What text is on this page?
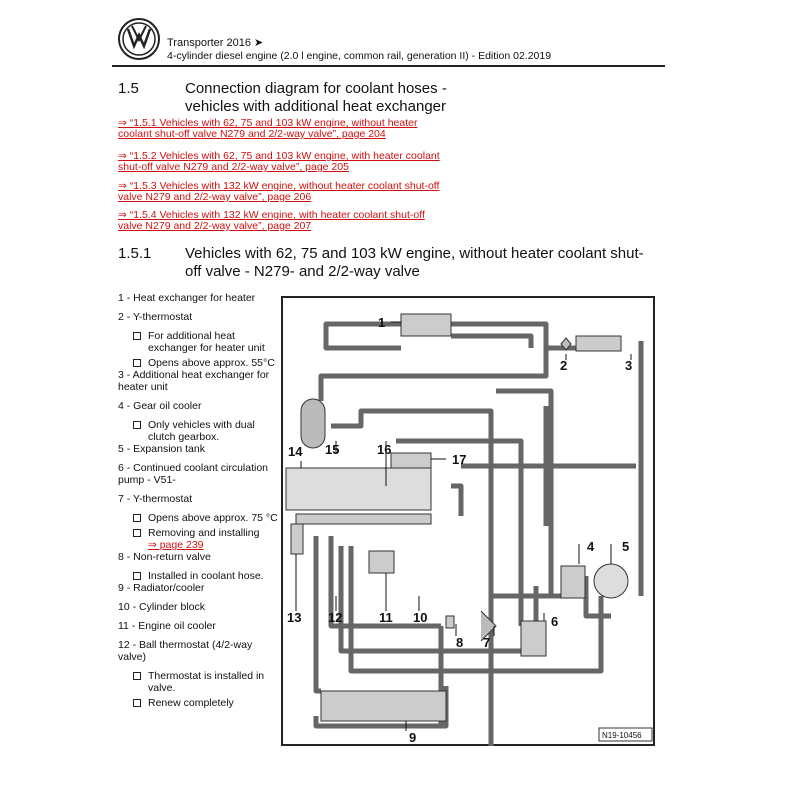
Transporter 2016 ➤
4-cylinder diesel engine (2.0 l engine, common rail, generation II) - Edition 02.2019
1.5	Connection diagram for coolant hoses - vehicles with additional heat exchanger
⇒ “1.5.1 Vehicles with 62, 75 and 103 kW engine, without heater coolant shut-off valve N279 and 2/2-way valve”, page 204
⇒ “1.5.2 Vehicles with 62, 75 and 103 kW engine, with heater coolant shut-off valve N279 and 2/2-way valve”, page 205
⇒ “1.5.3 Vehicles with 132 kW engine, without heater coolant shut-off valve N279 and 2/2-way valve”, page 206
⇒ “1.5.4 Vehicles with 132 kW engine, with heater coolant shut-off valve N279 and 2/2-way valve”, page 207
1.5.1 Vehicles with 62, 75 and 103 kW engine, without heater coolant shut-off valve - N279- and 2/2-way valve
1 - Heat exchanger for heater
2 - Y-thermostat
For additional heat exchanger for heater unit
Opens above approx. 55°C
3 - Additional heat exchanger for heater unit
4 - Gear oil cooler
Only vehicles with dual clutch gearbox.
5 - Expansion tank
6 - Continued coolant circulation pump - V51-
7 - Y-thermostat
Opens above approx. 75 °C
Removing and installing
⇒ page 239
8 - Non-return valve
Installed in coolant hose.
9 - Radiator/cooler
10 - Cylinder block
11 - Engine oil cooler
12 - Ball thermostat (4/2-way valve)
Thermostat is installed in valve.
Renew completely
1
2	3
4 5
6
7
8
9
10
11
12
13
14 15	16
17
N19-10456
